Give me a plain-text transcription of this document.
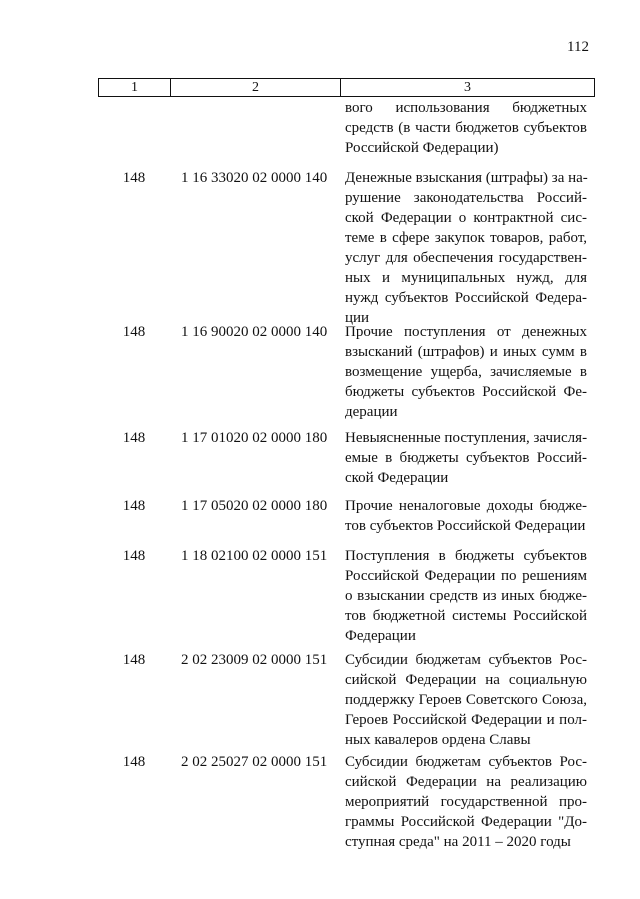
112
1	2	3
вого использования бюджетных
средств (в части бюджетов субъектов
Российской Федерации)
148	1 16 33020 02 0000 140	Денежные взыскания (штрафы) за на-
рушение законодательства Россий-
ской Федерации о контрактной сис-
теме в сфере закупок товаров, работ,
услуг для обеспечения государствен-
ных и муниципальных нужд, для
нужд субъектов Российской Федера-
ции
148	1 16 90020 02 0000 140	Прочие поступления от денежных
взысканий (штрафов) и иных сумм в
возмещение ущерба, зачисляемые в
бюджеты субъектов Российской Фе-
дерации
148	1 17 01020 02 0000 180	Невыясненные поступления, зачисля-
емые в бюджеты субъектов Россий-
ской Федерации
148	1 17 05020 02 0000 180	Прочие неналоговые доходы бюдже-
тов субъектов Российской Федерации
148	1 18 02100 02 0000 151	Поступления в бюджеты субъектов
Российской Федерации по решениям
о взыскании средств из иных бюдже-
тов бюджетной системы Российской
Федерации
148	2 02 23009 02 0000 151	Субсидии бюджетам субъектов Рос-
сийской Федерации на социальную
поддержку Героев Советского Союза,
Героев Российской Федерации и пол-
ных кавалеров ордена Славы
148	2 02 25027 02 0000 151	Субсидии бюджетам субъектов Рос-
сийской Федерации на реализацию
мероприятий государственной про-
граммы Российской Федерации "До-
ступная среда" на 2011 – 2020 годы
